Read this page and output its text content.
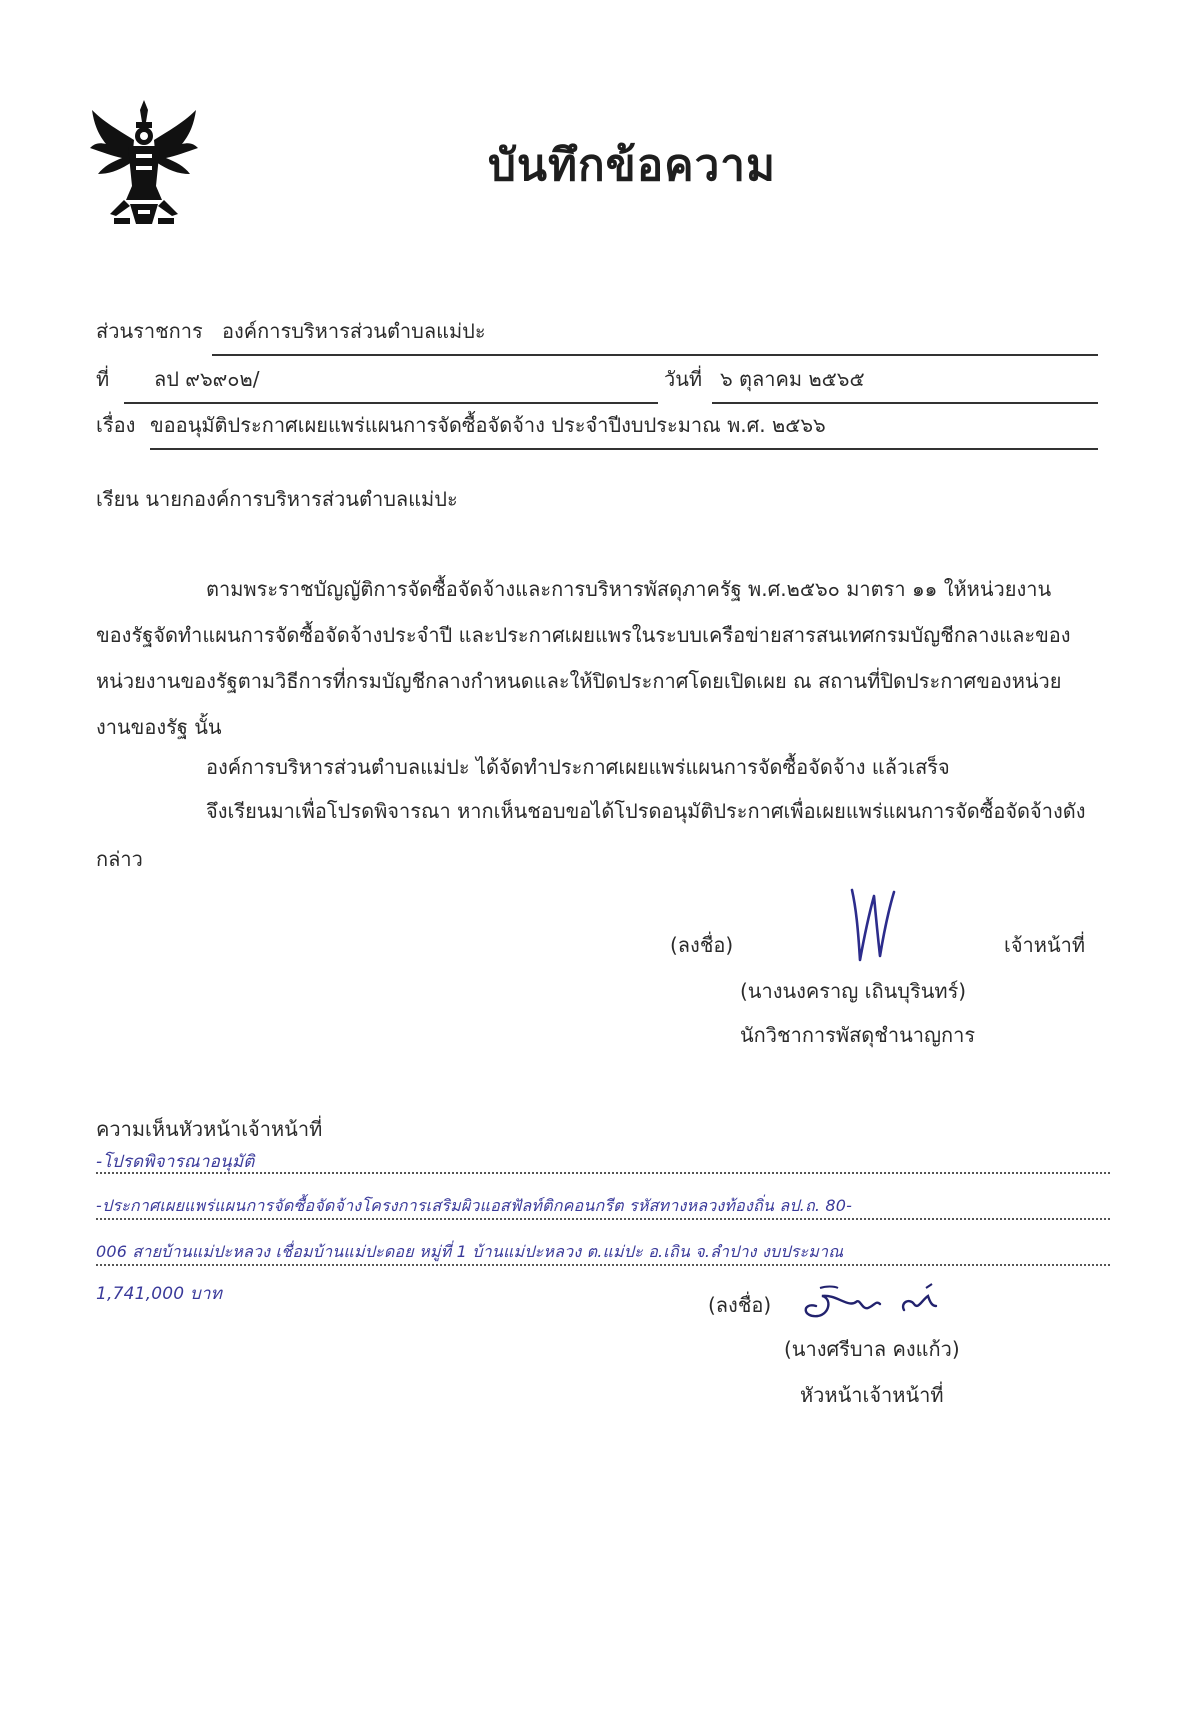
บันทึกข้อความ
ส่วนราชการ องค์การบริหารส่วนตำบลแม่ปะ
ที่ ลป ๙๖๙๐๒/	วันที่ ๖ ตุลาคม ๒๕๖๕
เรื่อง ขออนุมัติประกาศเผยแพร่แผนการจัดซื้อจัดจ้าง ประจำปีงบประมาณ พ.ศ. ๒๕๖๖
เรียน นายกองค์การบริหารส่วนตำบลแม่ปะ
ตามพระราชบัญญัติการจัดซื้อจัดจ้างและการบริหารพัสดุภาครัฐ พ.ศ.๒๕๖๐ มาตรา ๑๑ ให้หน่วยงาน
ของรัฐจัดทำแผนการจัดซื้อจัดจ้างประจำปี และประกาศเผยแพรในระบบเครือข่ายสารสนเทศกรมบัญชีกลางและของ
หน่วยงานของรัฐตามวิธีการที่กรมบัญชีกลางกำหนดและให้ปิดประกาศโดยเปิดเผย ณ สถานที่ปิดประกาศของหน่วย
งานของรัฐ นั้น
องค์การบริหารส่วนตำบลแม่ปะ ได้จัดทำประกาศเผยแพร่แผนการจัดซื้อจัดจ้าง แล้วเสร็จ
จึงเรียนมาเพื่อโปรดพิจารณา หากเห็นชอบขอได้โปรดอนุมัติประกาศเพื่อเผยแพร่แผนการจัดซื้อจัดจ้างดัง
กล่าว
(ลงชื่อ)	เจ้าหน้าที่
(นางนงคราญ เถินบุรินทร์)
นักวิชาการพัสดุชำนาญการ
ความเห็นหัวหน้าเจ้าหน้าที่
-โปรดพิจารณาอนุมัติ
-ประกาศเผยแพร่แผนการจัดซื้อจัดจ้างโครงการเสริมผิวแอสฟัลท์ติกคอนกรีต รหัสทางหลวงท้องถิ่น ลป.ถ. 80-
006 สายบ้านแม่ปะหลวง เชื่อมบ้านแม่ปะดอย หมู่ที่ 1 บ้านแม่ปะหลวง ต.แม่ปะ อ.เถิน จ.ลำปาง งบประมาณ
1,741,000 บาท	(ลงชื่อ)
(นางศรีบาล คงแก้ว)
หัวหน้าเจ้าหน้าที่
